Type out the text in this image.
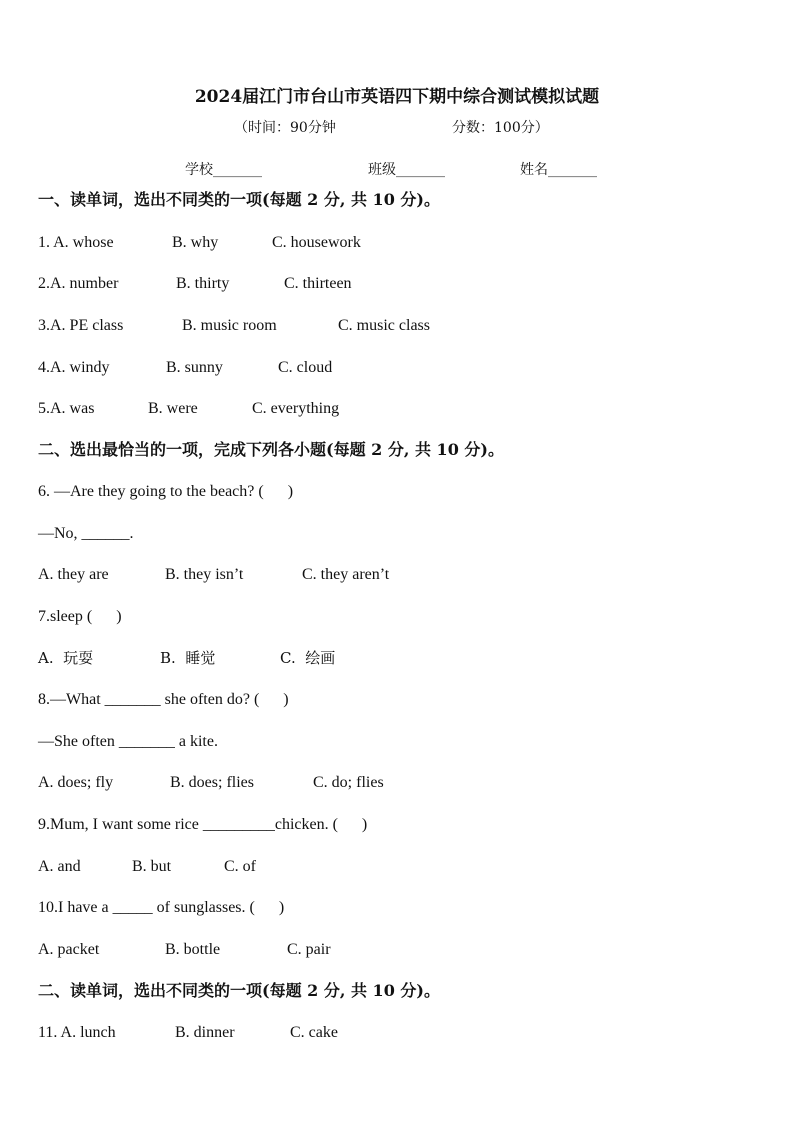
2024届江门市台山市英语四下期中综合测试模拟试题
（时间：90分钟	分数：100分）
学校_______	班级_______	姓名_______
一、读单词，选出不同类的一项(每题 2 分, 共 10 分)。
1. A. whose	B. why	C. housework
2.A. number	B. thirty	C. thirteen
3.A. PE class	B. music room	C. music class
4.A. windy	B. sunny	C. cloud
5.A. was	B. were	C. everything
二、选出最恰当的一项，完成下列各小题(每题 2 分, 共 10 分)。
6. —Are they going to the beach? (      )
—No, ______.
A. they are	B. they isn’t	C. they aren’t
7.sleep (      )
A.  玩耍	B.  睡觉	C.  绘画
8.—What _______ she often do? (      )
—She often _______ a kite.
A. does; fly	B. does; flies	C. do; flies
9.Mum, I want some rice _________chicken. (      )
A. and	B. but	C. of
10.I have a _____ of sunglasses. (      )
A. packet	B. bottle	C. pair
二、读单词，选出不同类的一项(每题 2 分, 共 10 分)。
11. A. lunch	B. dinner	C. cake
